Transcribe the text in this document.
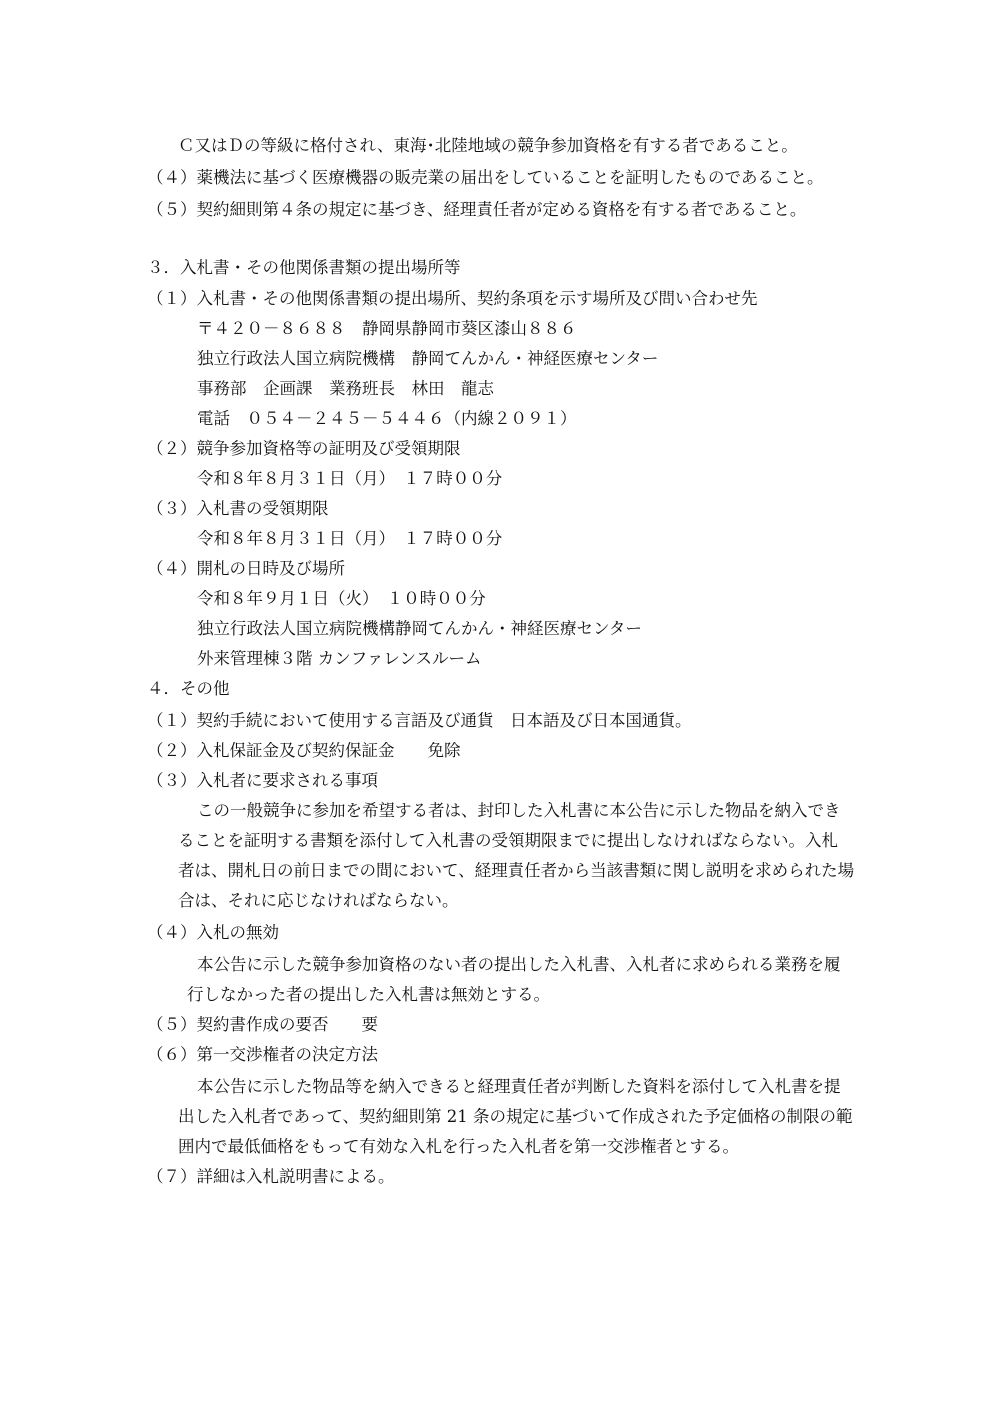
Ｃ又はＤの等級に格付され、東海･北陸地域の競争参加資格を有する者であること。
（４）薬機法に基づく医療機器の販売業の届出をしていることを証明したものであること。
（５）契約細則第４条の規定に基づき、経理責任者が定める資格を有する者であること。
３．入札書・その他関係書類の提出場所等
（１）入札書・その他関係書類の提出場所、契約条項を示す場所及び問い合わせ先
〒４２０－８６８８　静岡県静岡市葵区漆山８８６
独立行政法人国立病院機構　静岡てんかん・神経医療センター
事務部　企画課　業務班長　林田　龍志
電話　０５４－２４５－５４４６（内線２０９１）
（２）競争参加資格等の証明及び受領期限
令和８年８月３１日（月）　１７時００分
（３）入札書の受領期限
令和８年８月３１日（月）　１７時００分
（４）開札の日時及び場所
令和８年９月１日（火）　１０時００分
独立行政法人国立病院機構静岡てんかん・神経医療センター
外来管理棟３階 カンファレンスルーム
４．その他
（１）契約手続において使用する言語及び通貨　日本語及び日本国通貨。
（２）入札保証金及び契約保証金　　免除
（３）入札者に要求される事項
この一般競争に参加を希望する者は、封印した入札書に本公告に示した物品を納入でき
ることを証明する書類を添付して入札書の受領期限までに提出しなければならない。入札
者は、開札日の前日までの間において、経理責任者から当該書類に関し説明を求められた場
合は、それに応じなければならない。
（４）入札の無効
本公告に示した競争参加資格のない者の提出した入札書、入札者に求められる業務を履
行しなかった者の提出した入札書は無効とする。
（５）契約書作成の要否　　要
（６）第一交渉権者の決定方法
本公告に示した物品等を納入できると経理責任者が判断した資料を添付して入札書を提
出した入札者であって、契約細則第 21 条の規定に基づいて作成された予定価格の制限の範
囲内で最低価格をもって有効な入札を行った入札者を第一交渉権者とする。
（７）詳細は入札説明書による。
